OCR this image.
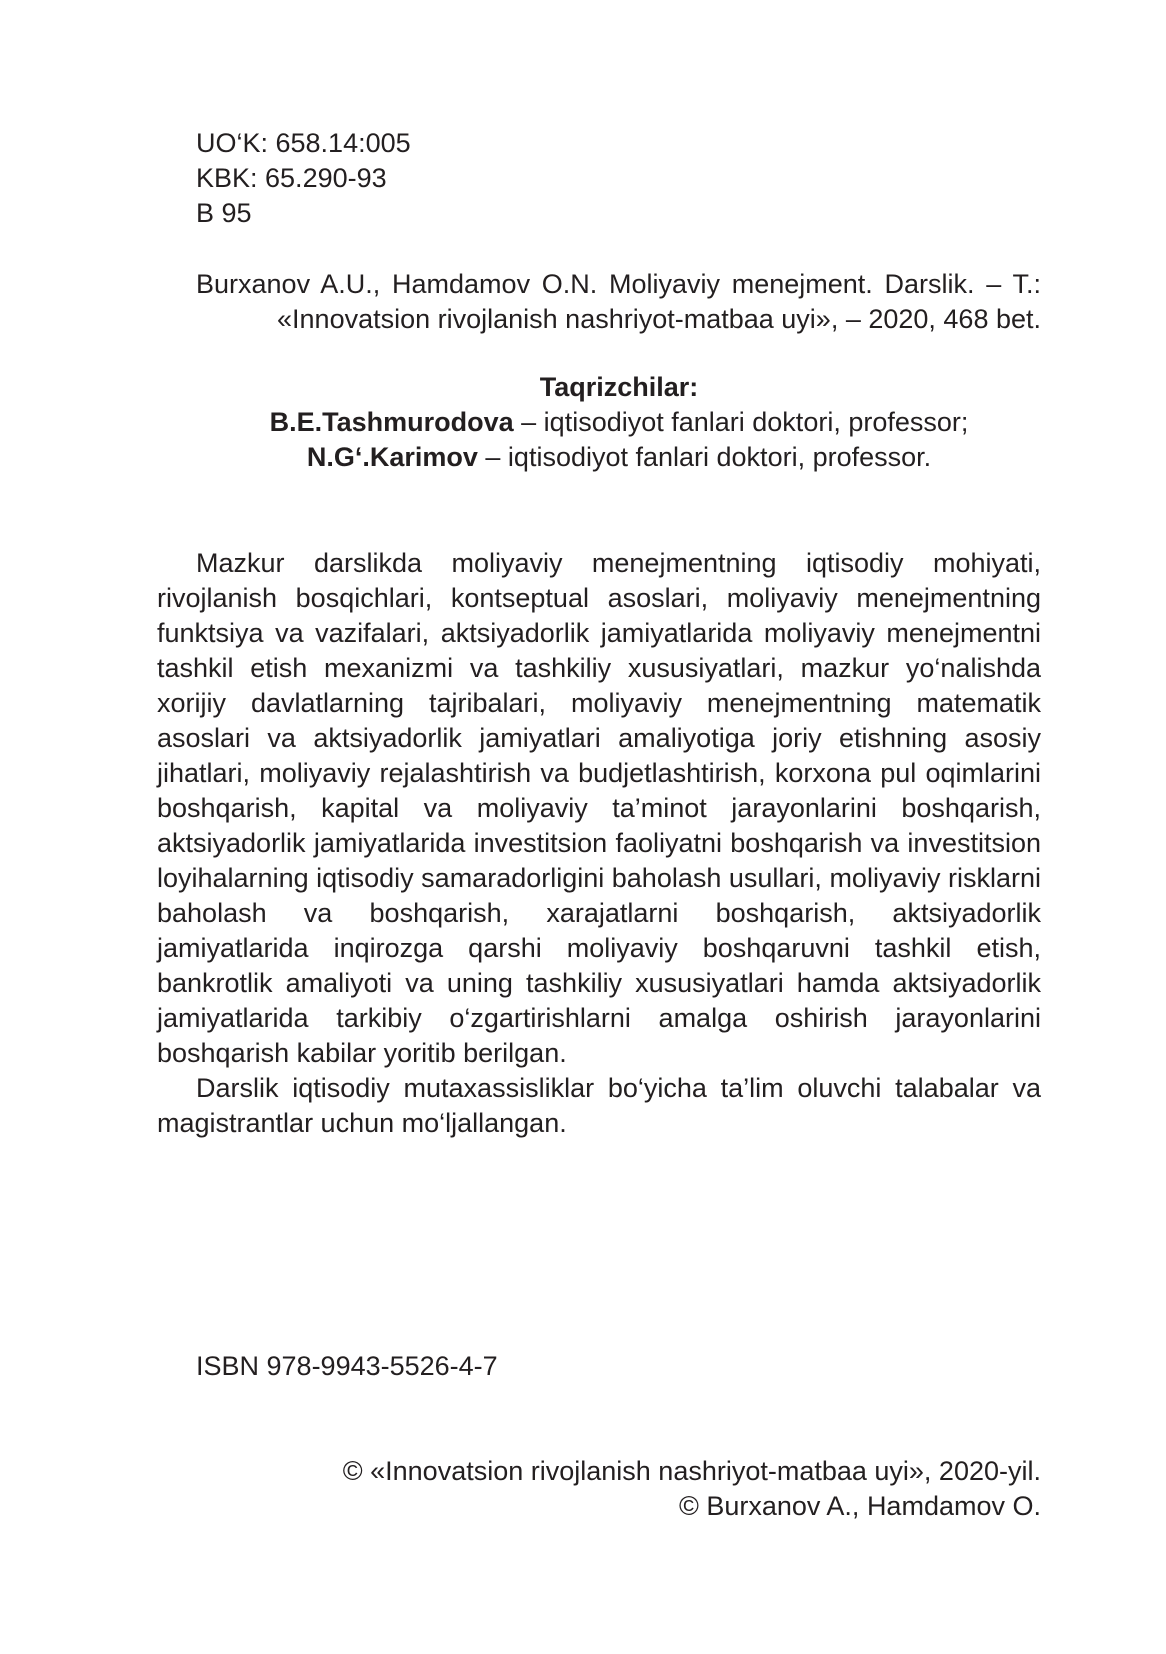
UO‘K: 658.14:005
KBK: 65.290-93
B 95
Burxanov A.U., Hamdamov O.N. Moliyaviy menejment. Darslik. – T.: «Innovatsion rivojlanish nashriyot-matbaa uyi», – 2020, 468 bet.
Taqrizchilar:
B.E.Tashmurodova – iqtisodiyot fanlari doktori, professor;
N.G‘.Karimov – iqtisodiyot fanlari doktori, professor.

Mazkur darslikda moliyaviy menejmentning iqtisodiy mohiyati, rivojlanish bosqichlari, kontseptual asoslari, moliyaviy menejmentning funktsiya va vazifalari, aktsiyadorlik jamiyatlarida moliyaviy menejmentni tashkil etish mexanizmi va tashkiliy xususiyatlari, mazkur yo‘nalishda xorijiy davlatlarning tajribalari, moliyaviy menejmentning matematik asoslari va aktsiyadorlik jamiyatlari amaliyotiga joriy etishning asosiy jihatlari, moliyaviy rejalashtirish va budjetlashtirish, korxona pul oqimlarini boshqarish, kapital va moliyaviy ta’minot jarayonlarini boshqarish, aktsiyadorlik jamiyatlarida investitsion faoliyatni boshqarish va investitsion loyihalarning iqtisodiy samaradorligini baholash usullari, moliyaviy risklarni baholash va boshqarish, xarajatlarni boshqarish, aktsiyadorlik jamiyatlarida inqirozga qarshi moliyaviy boshqaruvni tashkil etish, bankrotlik amaliyoti va uning tashkiliy xususiyatlari hamda aktsiyadorlik jamiyatlarida tarkibiy o‘zgartirishlarni amalga oshirish jarayonlarini boshqarish kabilar yoritib berilgan.

Darslik iqtisodiy mutaxassisliklar bo‘yicha ta’lim oluvchi talabalar va magistrantlar uchun mo‘ljallangan.

ISBN 978-9943-5526-4-7
© «Innovatsion rivojlanish nashriyot-matbaa uyi», 2020-yil.
© Burxanov A., Hamdamov O.
